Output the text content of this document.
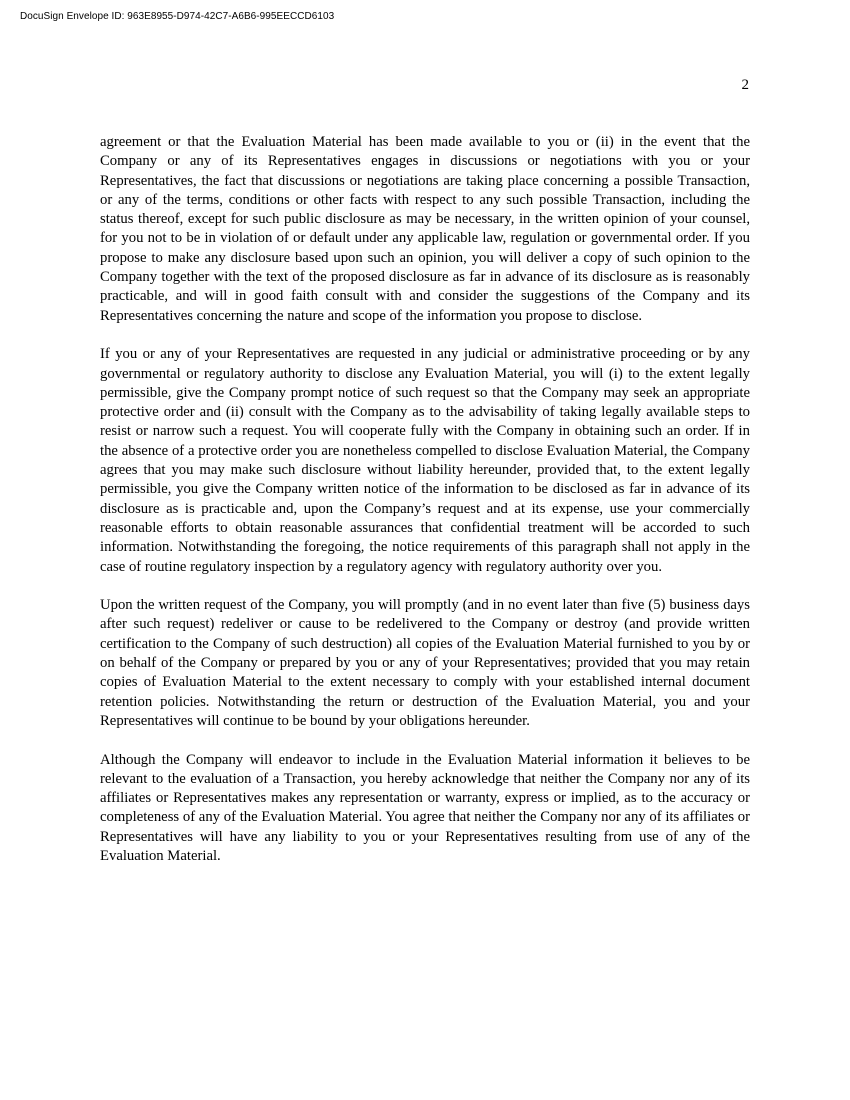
DocuSign Envelope ID: 963E8955-D974-42C7-A6B6-995EECCD6103
2

agreement or that the Evaluation Material has been made available to you or (ii) in the event that the Company or any of its Representatives engages in discussions or negotiations with you or your Representatives, the fact that discussions or negotiations are taking place concerning a possible Transaction, or any of the terms, conditions or other facts with respect to any such possible Transaction, including the status thereof, except for such public disclosure as may be necessary, in the written opinion of your counsel, for you not to be in violation of or default under any applicable law, regulation or governmental order. If you propose to make any disclosure based upon such an opinion, you will deliver a copy of such opinion to the Company together with the text of the proposed disclosure as far in advance of its disclosure as is reasonably practicable, and will in good faith consult with and consider the suggestions of the Company and its Representatives concerning the nature and scope of the information you propose to disclose.

If you or any of your Representatives are requested in any judicial or administrative proceeding or by any governmental or regulatory authority to disclose any Evaluation Material, you will (i) to the extent legally permissible, give the Company prompt notice of such request so that the Company may seek an appropriate protective order and (ii) consult with the Company as to the advisability of taking legally available steps to resist or narrow such a request. You will cooperate fully with the Company in obtaining such an order. If in the absence of a protective order you are nonetheless compelled to disclose Evaluation Material, the Company agrees that you may make such disclosure without liability hereunder, provided that, to the extent legally permissible, you give the Company written notice of the information to be disclosed as far in advance of its disclosure as is practicable and, upon the Company’s request and at its expense, use your commercially reasonable efforts to obtain reasonable assurances that confidential treatment will be accorded to such information. Notwithstanding the foregoing, the notice requirements of this paragraph shall not apply in the case of routine regulatory inspection by a regulatory agency with regulatory authority over you.

Upon the written request of the Company, you will promptly (and in no event later than five (5) business days after such request) redeliver or cause to be redelivered to the Company or destroy (and provide written certification to the Company of such destruction) all copies of the Evaluation Material furnished to you by or on behalf of the Company or prepared by you or any of your Representatives; provided that you may retain copies of Evaluation Material to the extent necessary to comply with your established internal document retention policies. Notwithstanding the return or destruction of the Evaluation Material, you and your Representatives will continue to be bound by your obligations hereunder.

Although the Company will endeavor to include in the Evaluation Material information it believes to be relevant to the evaluation of a Transaction, you hereby acknowledge that neither the Company nor any of its affiliates or Representatives makes any representation or warranty, express or implied, as to the accuracy or completeness of any of the Evaluation Material. You agree that neither the Company nor any of its affiliates or Representatives will have any liability to you or your Representatives resulting from use of any of the Evaluation Material.
